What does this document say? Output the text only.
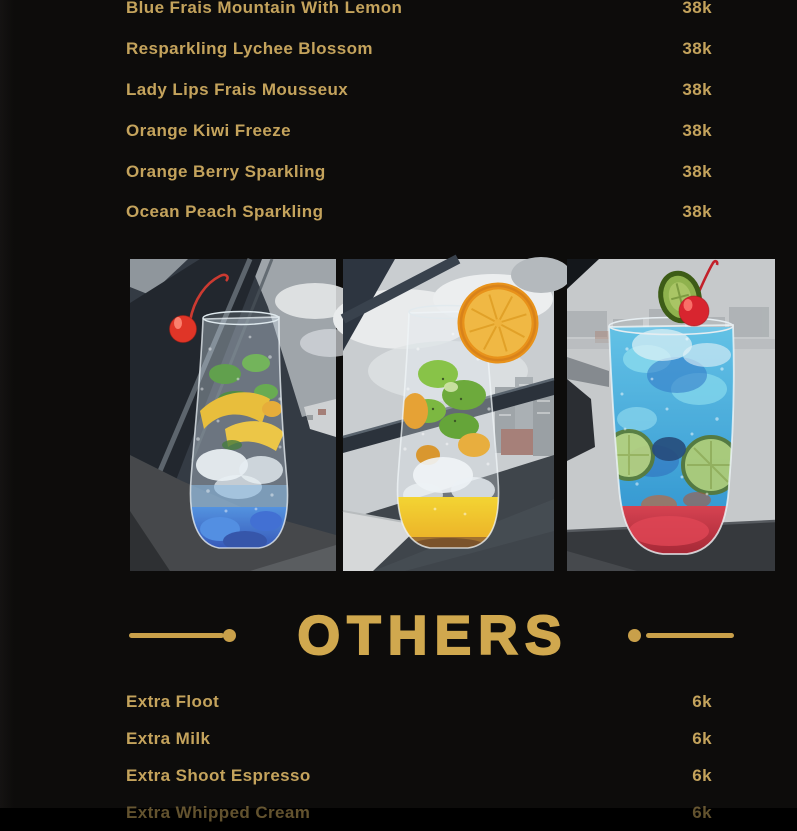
Blue Frais Mountain With Lemon	38k
Resparkling Lychee Blossom	38k
Lady Lips Frais Mousseux	38k
Orange Kiwi Freeze	38k
Orange Berry Sparkling	38k
Ocean Peach Sparkling	38k
OTHERS
Extra Floot	6k
Extra Milk	6k
Extra Shoot Espresso	6k
Extra Whipped Cream	6k
